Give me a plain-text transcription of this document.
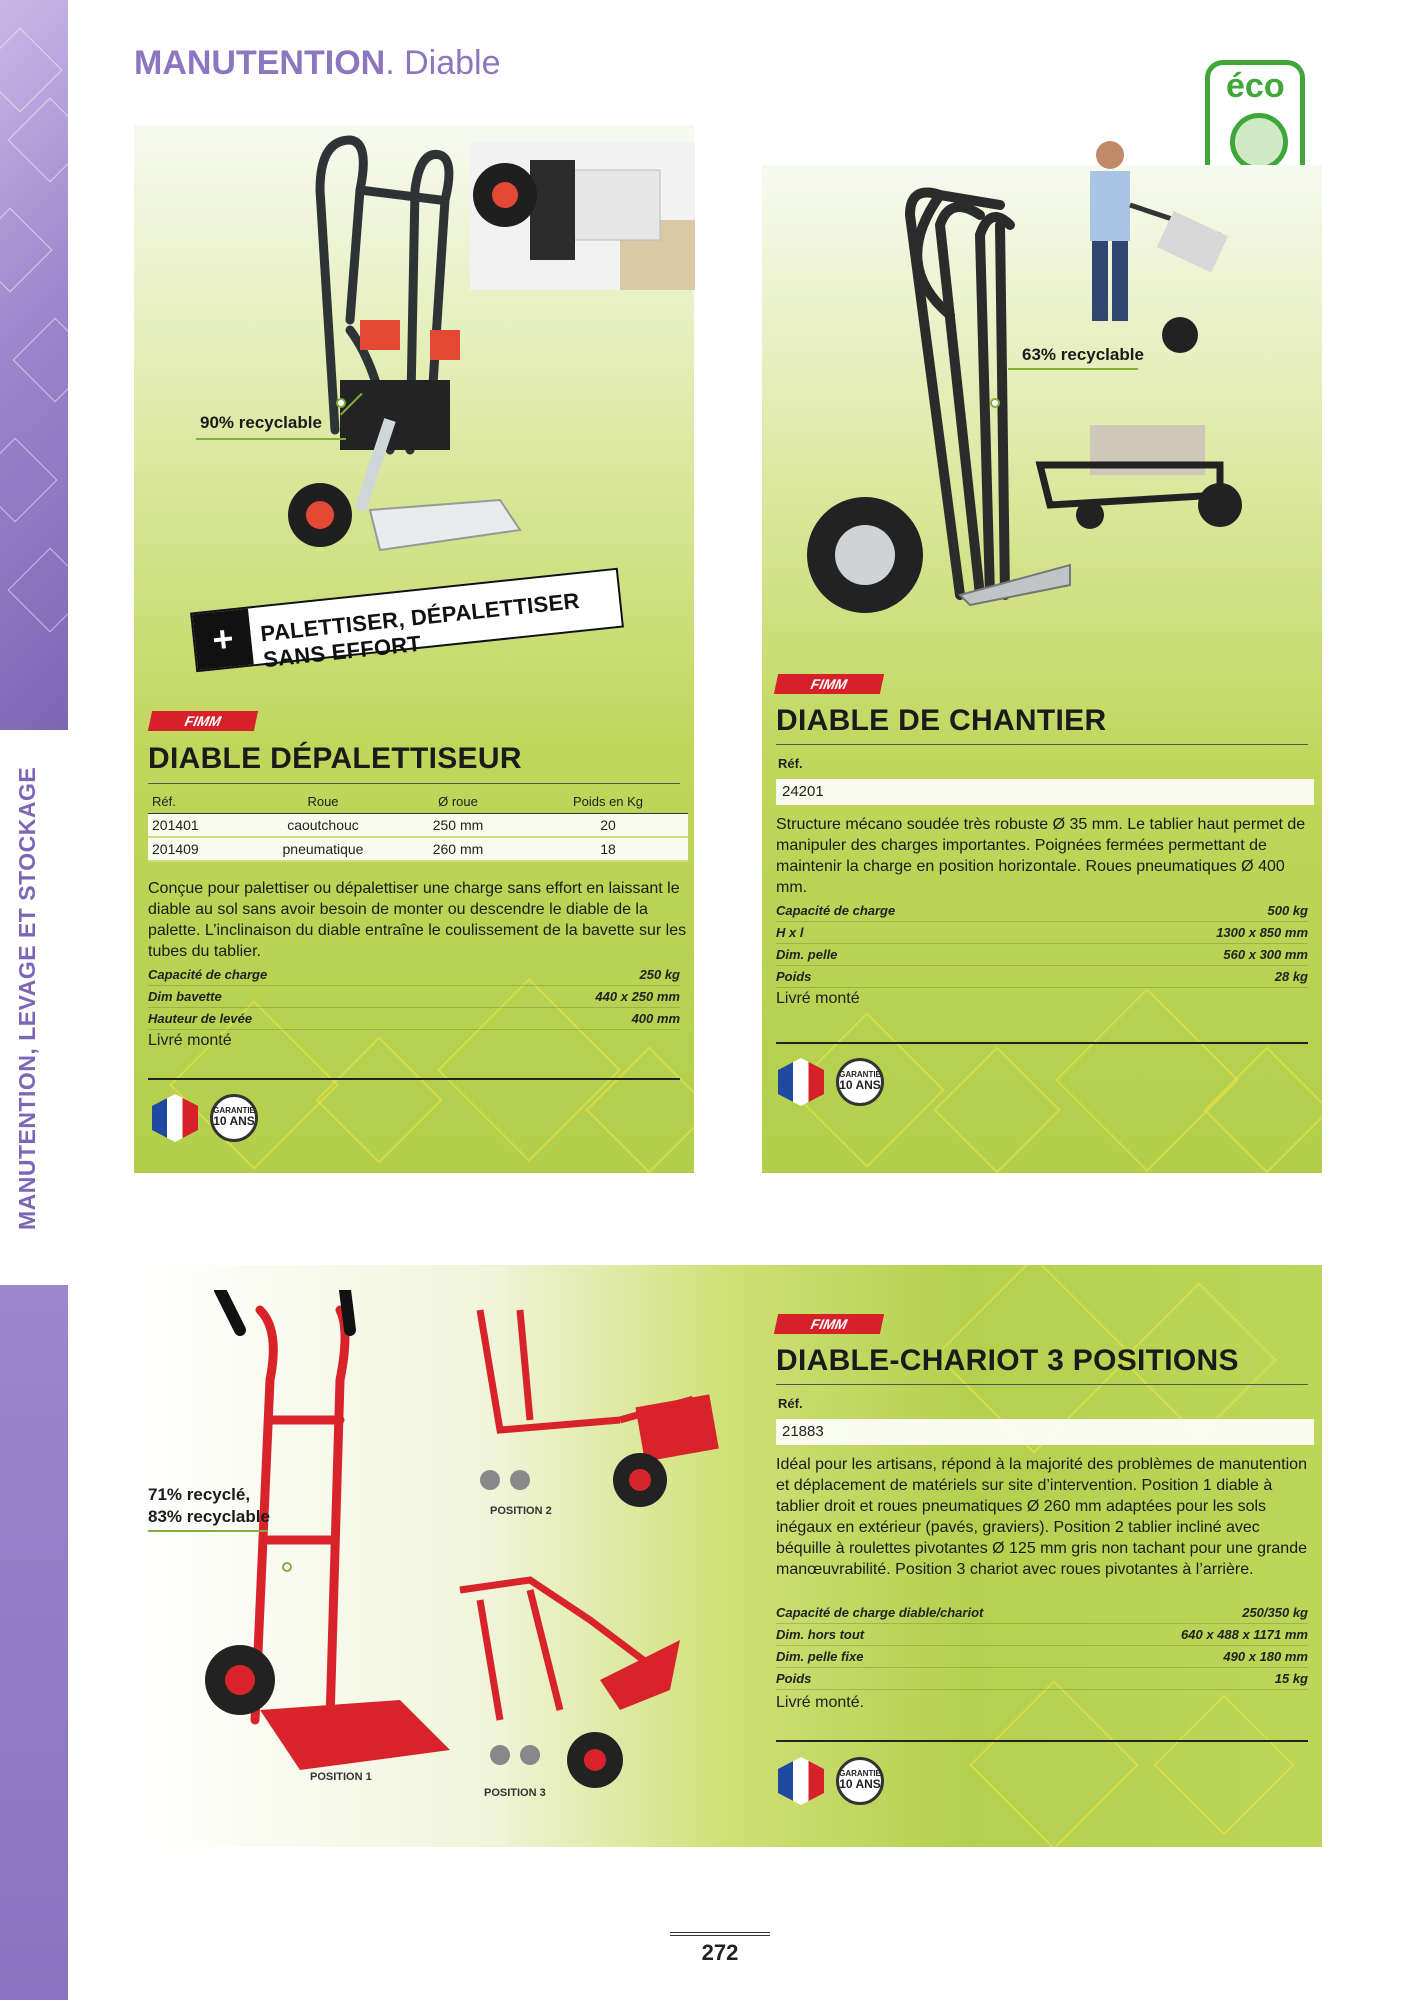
MANUTENTION, LEVAGE ET STOCKAGE
MANUTENTION. Diable
éco
90% recyclable
+	PALETTISER, DÉPALETTISER SANS EFFORT
FIMM
DIABLE DÉPALETTISEUR
Réf.	Roue	Ø roue	Poids en Kg
201401	caoutchouc	250 mm	20
201409	pneumatique	260 mm	18
Conçue pour palettiser ou dépalettiser une charge sans effort en laissant le diable au sol sans avoir besoin de monter ou descendre le diable de la palette. L’inclinaison du diable entraîne le coulissement de la bavette sur les tubes du tablier.
Capacité de charge	250 kg
Dim bavette	440 x 250 mm
Hauteur de levée	400 mm
Livré monté
GARANTIE
10 ANS
63% recyclable
FIMM
DIABLE DE CHANTIER
Réf.
24201
Structure mécano soudée très robuste Ø 35 mm. Le tablier haut permet de manipuler des charges importantes. Poignées fermées permettant de maintenir la charge en position horizontale. Roues pneumatiques Ø 400 mm.
Capacité de charge	500 kg
H x l	1300 x 850 mm
Dim. pelle	560 x 300 mm
Poids	28 kg
Livré monté
GARANTIE
10 ANS
POSITION 2
POSITION 1
POSITION 3
71% recyclé,
83% recyclable
FIMM
DIABLE-CHARIOT 3 POSITIONS
Réf.
21883
Idéal pour les artisans, répond à la majorité des problèmes de manutention et déplacement de matériels sur site d’intervention. Position 1 diable à tablier droit et roues pneumatiques Ø 260 mm adaptées pour les sols inégaux en extérieur (pavés, graviers). Position 2 tablier incliné avec béquille à roulettes pivotantes Ø 125 mm gris non tachant pour une grande manœuvrabilité. Position 3 chariot avec roues pivotantes à l’arrière.
Capacité de charge diable/chariot	250/350 kg
Dim. hors tout	640 x 488 x 1171 mm
Dim. pelle fixe	490 x 180 mm
Poids	15 kg
Livré monté.
GARANTIE
10 ANS
272
